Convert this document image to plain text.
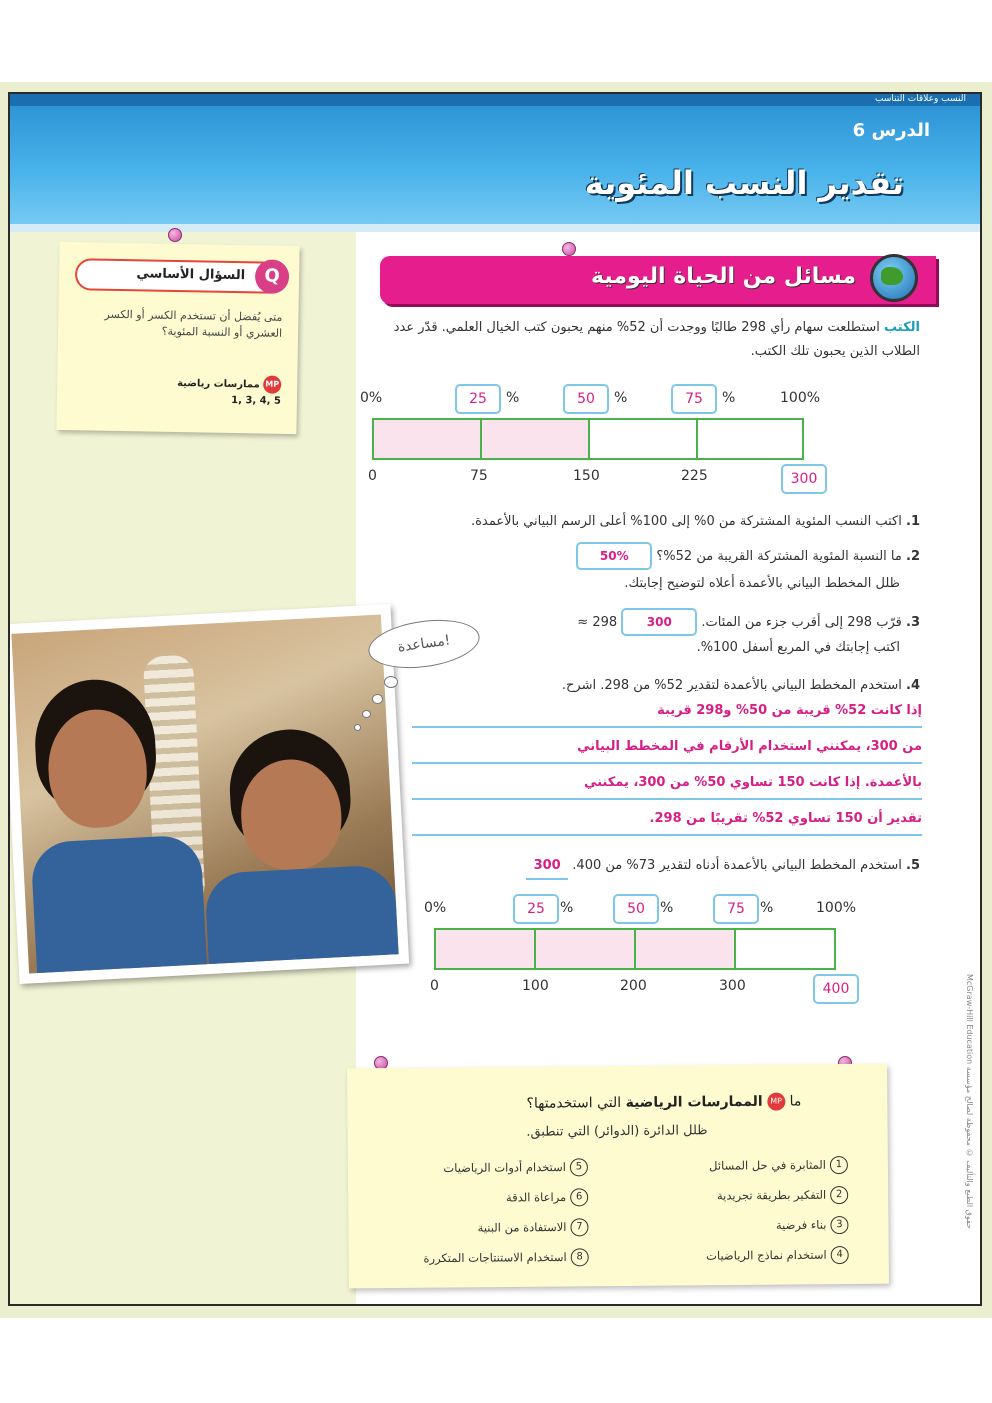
النسب وعلاقات التناسب
الدرس 6
تقدير النسب المئوية
Q
السؤال الأساسي
متى يُفضل أن تستخدم الكسر أو الكسر العشري أو النسبة المئوية؟
MP ممارسات رياضية
1, 3, 4, 5
مساعدة!
مسائل من الحياة اليومية
الكتب استطلعت سهام رأي 298 طالبًا ووجدت أن 52% منهم يحبون كتب الخيال العلمي. قدّر عدد الطلاب الذين يحبون تلك الكتب.
0%	25	%	50	%	75	%	100%
0	75	150	225	300
1. اكتب النسب المئوية المشتركة من 0% إلى 100% أعلى الرسم البياني بالأعمدة.
2. ما النسبة المئوية المشتركة القريبة من 52%؟ 50%
ظلل المخطط البياني بالأعمدة أعلاه لتوضيح إجابتك.
3. قرّب 298 إلى أقرب جزء من المئات. 300 298 ≈
اكتب إجابتك في المربع أسفل 100%.
4. استخدم المخطط البياني بالأعمدة لتقدير 52% من 298. اشرح.
إذا كانت 52% قريبة من 50% و298 قريبة
من 300، يمكنني استخدام الأرقام في المخطط البياني
بالأعمدة. إذا كانت 150 تساوي 50% من 300، يمكنني
تقدير أن 150 تساوي 52% تقريبًا من 298.
5. استخدم المخطط البياني بالأعمدة أدناه لتقدير 73% من 400. 300
0%	25	%	50	%	75	%	100%
0	100	200	300	400	McGraw-Hill Education حقوق الطبع والتأليف © محفوظة لصالح مؤسسة
ما MP الممارسات الرياضية التي استخدمتها؟
ظلل الدائرة (الدوائر) التي تنطبق.
1المثابرة في حل المسائل
2التفكير بطريقة تجريدية
3بناء فرضية
4استخدام نماذج الرياضيات
5استخدام أدوات الرياضيات
6مراعاة الدقة
7الاستفادة من البنية
8استخدام الاستنتاجات المتكررة
